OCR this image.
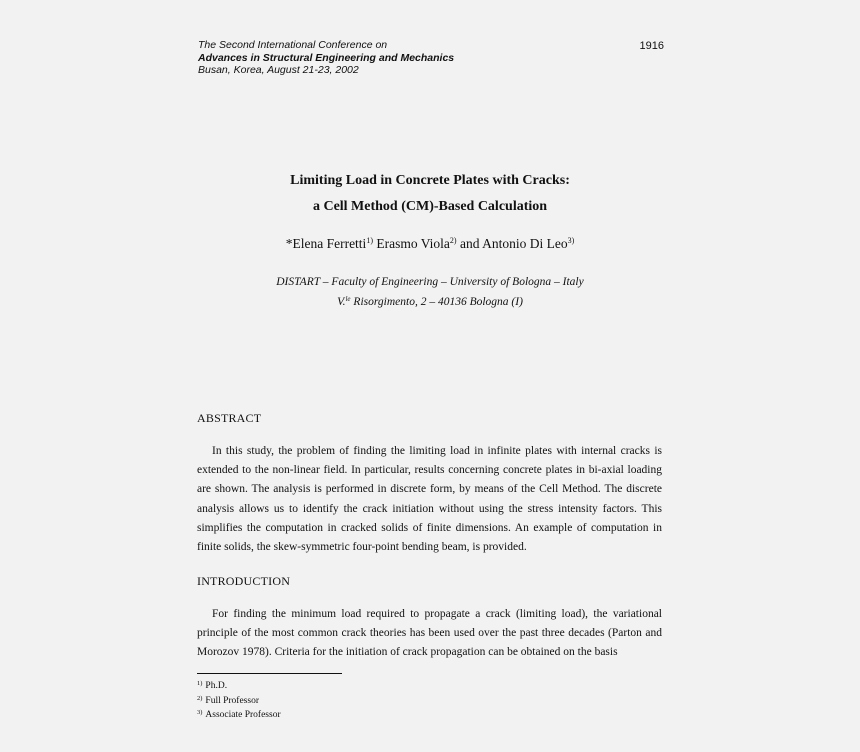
The Second International Conference on
Advances in Structural Engineering and Mechanics
Busan, Korea, August 21-23, 2002
1916
Limiting Load in Concrete Plates with Cracks:
a Cell Method (CM)-Based Calculation
*Elena Ferretti$^{1)}$ Erasmo Viola$^{2)}$ and Antonio Di Leo$^{3)}$
DISTART – Faculty of Engineering – University of Bologna – Italy
V.$^{le}$ Risorgimento, 2 – 40136 Bologna (I)
ABSTRACT

In this study, the problem of finding the limiting load in infinite plates with internal cracks is extended to the non-linear field. In particular, results concerning concrete plates in bi-axial loading are shown. The analysis is performed in discrete form, by means of the Cell Method. The discrete analysis allows us to identify the crack initiation without using the stress intensity factors. This simplifies the computation in cracked solids of finite dimensions. An example of computation in finite solids, the skew-symmetric four-point bending beam, is provided.

INTRODUCTION

For finding the minimum load required to propagate a crack (limiting load), the variational principle of the most common crack theories has been used over the past three decades (Parton and Morozov 1978). Criteria for the initiation of crack propagation can be obtained on the basis

$^{1)}$ Ph.D.
$^{2)}$ Full Professor
$^{3)}$ Associate Professor
